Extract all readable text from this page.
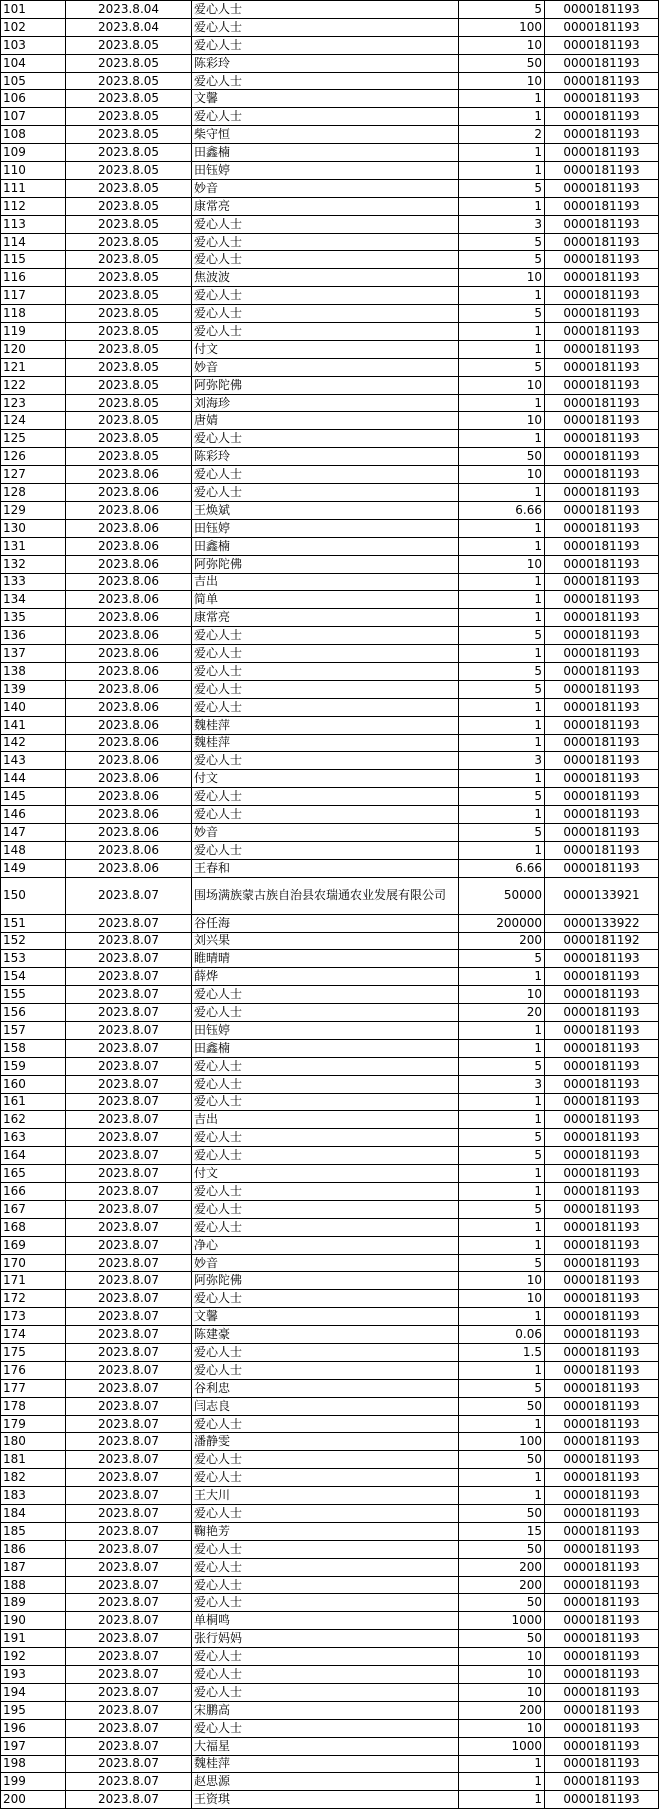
101	2023.8.04	爱心人士	5	0000181193
102	2023.8.04	爱心人士	100	0000181193
103	2023.8.05	爱心人士	10	0000181193
104	2023.8.05	陈彩玲	50	0000181193
105	2023.8.05	爱心人士	10	0000181193
106	2023.8.05	文馨	1	0000181193
107	2023.8.05	爱心人士	1	0000181193
108	2023.8.05	柴守恒	2	0000181193
109	2023.8.05	田鑫楠	1	0000181193
110	2023.8.05	田钰婷	1	0000181193
111	2023.8.05	妙音	5	0000181193
112	2023.8.05	康常亮	1	0000181193
113	2023.8.05	爱心人士	3	0000181193
114	2023.8.05	爱心人士	5	0000181193
115	2023.8.05	爱心人士	5	0000181193
116	2023.8.05	焦波波	10	0000181193
117	2023.8.05	爱心人士	1	0000181193
118	2023.8.05	爱心人士	5	0000181193
119	2023.8.05	爱心人士	1	0000181193
120	2023.8.05	付文	1	0000181193
121	2023.8.05	妙音	5	0000181193
122	2023.8.05	阿弥陀佛	10	0000181193
123	2023.8.05	刘海珍	1	0000181193
124	2023.8.05	唐婧	10	0000181193
125	2023.8.05	爱心人士	1	0000181193
126	2023.8.05	陈彩玲	50	0000181193
127	2023.8.06	爱心人士	10	0000181193
128	2023.8.06	爱心人士	1	0000181193
129	2023.8.06	王焕斌	6.66	0000181193
130	2023.8.06	田钰婷	1	0000181193
131	2023.8.06	田鑫楠	1	0000181193
132	2023.8.06	阿弥陀佛	10	0000181193
133	2023.8.06	吉出	1	0000181193
134	2023.8.06	简单	1	0000181193
135	2023.8.06	康常亮	1	0000181193
136	2023.8.06	爱心人士	5	0000181193
137	2023.8.06	爱心人士	1	0000181193
138	2023.8.06	爱心人士	5	0000181193
139	2023.8.06	爱心人士	5	0000181193
140	2023.8.06	爱心人士	1	0000181193
141	2023.8.06	魏桂萍	1	0000181193
142	2023.8.06	魏桂萍	1	0000181193
143	2023.8.06	爱心人士	3	0000181193
144	2023.8.06	付文	1	0000181193
145	2023.8.06	爱心人士	5	0000181193
146	2023.8.06	爱心人士	1	0000181193
147	2023.8.06	妙音	5	0000181193
148	2023.8.06	爱心人士	1	0000181193
149	2023.8.06	王春和	6.66	0000181193
150	2023.8.07	围场满族蒙古族自治县农瑞通农业发展有限公司	50000	0000133921
151	2023.8.07	谷任海	200000	0000133922
152	2023.8.07	刘兴果	200	0000181192
153	2023.8.07	睢晴晴	5	0000181193
154	2023.8.07	薛烨	1	0000181193
155	2023.8.07	爱心人士	10	0000181193
156	2023.8.07	爱心人士	20	0000181193
157	2023.8.07	田钰婷	1	0000181193
158	2023.8.07	田鑫楠	1	0000181193
159	2023.8.07	爱心人士	5	0000181193
160	2023.8.07	爱心人士	3	0000181193
161	2023.8.07	爱心人士	1	0000181193
162	2023.8.07	吉出	1	0000181193
163	2023.8.07	爱心人士	5	0000181193
164	2023.8.07	爱心人士	5	0000181193
165	2023.8.07	付文	1	0000181193
166	2023.8.07	爱心人士	1	0000181193
167	2023.8.07	爱心人士	5	0000181193
168	2023.8.07	爱心人士	1	0000181193
169	2023.8.07	净心	1	0000181193
170	2023.8.07	妙音	5	0000181193
171	2023.8.07	阿弥陀佛	10	0000181193
172	2023.8.07	爱心人士	10	0000181193
173	2023.8.07	文馨	1	0000181193
174	2023.8.07	陈建豪	0.06	0000181193
175	2023.8.07	爱心人士	1.5	0000181193
176	2023.8.07	爱心人士	1	0000181193
177	2023.8.07	谷利忠	5	0000181193
178	2023.8.07	闫志良	50	0000181193
179	2023.8.07	爱心人士	1	0000181193
180	2023.8.07	潘静雯	100	0000181193
181	2023.8.07	爱心人士	50	0000181193
182	2023.8.07	爱心人士	1	0000181193
183	2023.8.07	王大川	1	0000181193
184	2023.8.07	爱心人士	50	0000181193
185	2023.8.07	鞠艳芳	15	0000181193
186	2023.8.07	爱心人士	50	0000181193
187	2023.8.07	爱心人士	200	0000181193
188	2023.8.07	爱心人士	200	0000181193
189	2023.8.07	爱心人士	50	0000181193
190	2023.8.07	单桐鸣	1000	0000181193
191	2023.8.07	张行妈妈	50	0000181193
192	2023.8.07	爱心人士	10	0000181193
193	2023.8.07	爱心人士	10	0000181193
194	2023.8.07	爱心人士	10	0000181193
195	2023.8.07	宋鹏高	200	0000181193
196	2023.8.07	爱心人士	10	0000181193
197	2023.8.07	大福星	1000	0000181193
198	2023.8.07	魏桂萍	1	0000181193
199	2023.8.07	赵思源	1	0000181193
200	2023.8.07	王资琪	1	0000181193
